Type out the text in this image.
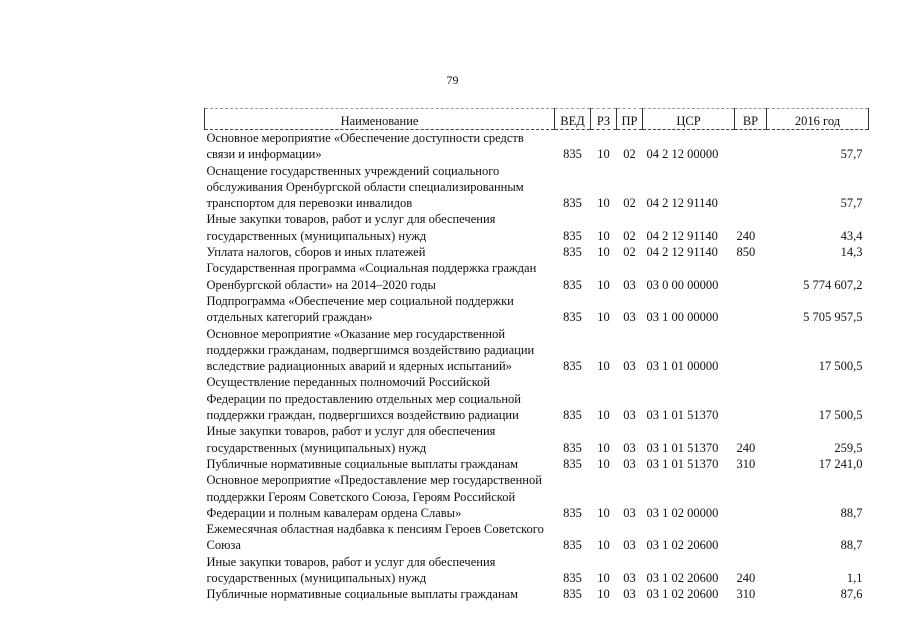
79
Наименование	ВЕД	РЗ	ПР	ЦСР	ВР	2016 год
Основное мероприятие «Обеспечение доступности средств связи и информации»	835	10	02	04 2 12 00000		57,7
Оснащение государственных учреждений социального обслуживания Оренбургской области специализированным транспортом для перевозки инвалидов	835	10	02	04 2 12 91140		57,7
Иные закупки товаров, работ и услуг для обеспечения государственных (муниципальных) нужд	835	10	02	04 2 12 91140	240	43,4
Уплата налогов, сборов и иных платежей	835	10	02	04 2 12 91140	850	14,3
Государственная программа «Социальная поддержка граждан Оренбургской области» на 2014–2020 годы	835	10	03	03 0 00 00000		5 774 607,2
Подпрограмма «Обеспечение мер социальной поддержки отдельных категорий граждан»	835	10	03	03 1 00 00000		5 705 957,5
Основное мероприятие «Оказание мер государственной поддержки гражданам, подвергшимся воздействию радиации вследствие радиационных аварий и ядерных испытаний»	835	10	03	03 1 01 00000		17 500,5
Осуществление переданных полномочий Российской Федерации по предоставлению отдельных мер социальной поддержки граждан, подвергшихся воздействию радиации	835	10	03	03 1 01 51370		17 500,5
Иные закупки товаров, работ и услуг для обеспечения государственных (муниципальных) нужд	835	10	03	03 1 01 51370	240	259,5
Публичные нормативные социальные выплаты гражданам	835	10	03	03 1 01 51370	310	17 241,0
Основное мероприятие «Предоставление мер государственной поддержки Героям Советского Союза, Героям Российской Федерации и полным кавалерам ордена Славы»	835	10	03	03 1 02 00000		88,7
Ежемесячная областная надбавка к пенсиям Героев Советского Союза	835	10	03	03 1 02 20600		88,7
Иные закупки товаров, работ и услуг для обеспечения государственных (муниципальных) нужд	835	10	03	03 1 02 20600	240	1,1
Публичные нормативные социальные выплаты гражданам	835	10	03	03 1 02 20600	310	87,6
